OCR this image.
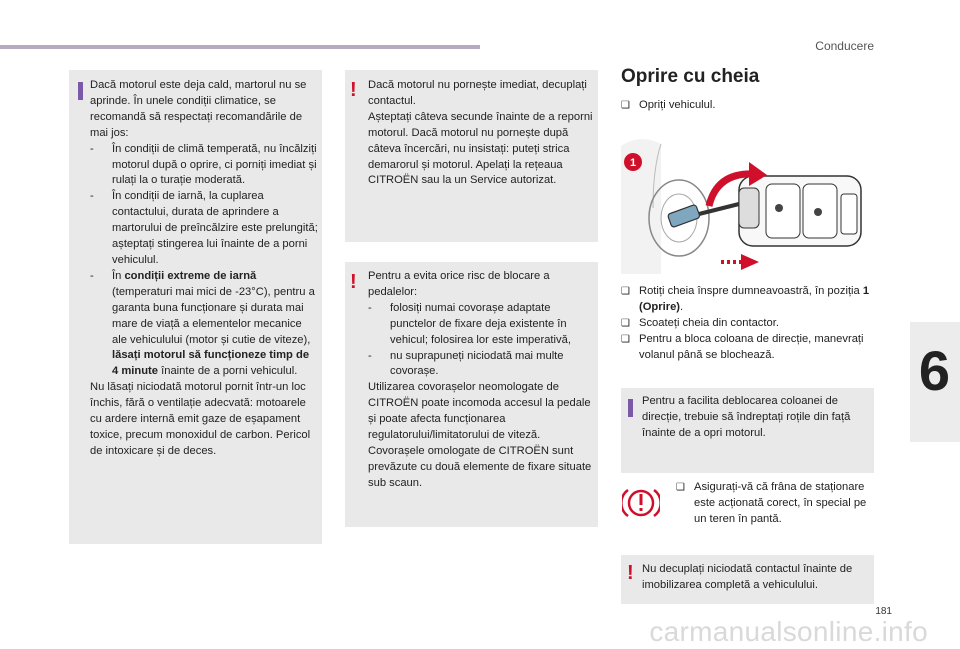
Conducere
6

Dacă motorul este deja cald, martorul nu se aprinde. În unele condiții climatice, se recomandă să respectați recomandările de mai jos:

- În condiții de climă temperată, nu încălziți motorul după o oprire, ci porniți imediat și rulați la o turație moderată.
- În condiții de iarnă, la cuplarea contactului, durata de aprindere a martorului de preîncălzire este prelungită; așteptați stingerea lui înainte de a porni vehiculul.
- În condiții extreme de iarnă (temperaturi mai mici de -23°C), pentru a garanta buna funcționare și durata mai mare de viață a elementelor mecanice ale vehiculului (motor și cutie de viteze), lăsați motorul să funcționeze timp de 4 minute înainte de a porni vehiculul.

Nu lăsați niciodată motorul pornit într-un loc închis, fără o ventilație adecvată: motoarele cu ardere internă emit gaze de eșapament toxice, precum monoxidul de carbon. Pericol de intoxicare și de deces.

! Dacă motorul nu pornește imediat, decuplați contactul.
Așteptați câteva secunde înainte de a reporni motorul. Dacă motorul nu pornește după câteva încercări, nu insistați: puteți strica demarorul și motorul. Apelați la rețeaua CITROËN sau la un Service autorizat.
! Pentru a evita orice risc de blocare a pedalelor:

- folosiți numai covorașe adaptate punctelor de fixare deja existente în vehicul; folosirea lor este imperativă,
- nu suprapuneți niciodată mai multe covorașe.

Utilizarea covorașelor neomologate de CITROËN poate incomoda accesul la pedale și poate afecta funcționarea regulatorului/limitatorului de viteză.
Covorașele omologate de CITROËN sunt prevăzute cu două elemente de fixare situate sub scaun.

Oprire cu cheia
❑ Opriți vehiculul.
1
❑ Rotiți cheia înspre dumneavoastră, în poziția 1 (Oprire).
❑ Scoateți cheia din contactor.
❑ Pentru a bloca coloana de direcție, manevrați volanul până se blochează.
Pentru a facilita deblocarea coloanei de direcție, trebuie să îndreptați roțile din față înainte de a opri motorul.
❑ Asigurați-vă că frâna de staționare este acționată corect, în special pe un teren în pantă.
! Nu decuplați niciodată contactul înainte de imobilizarea completă a vehiculului.
181
carmanualsonline.info
